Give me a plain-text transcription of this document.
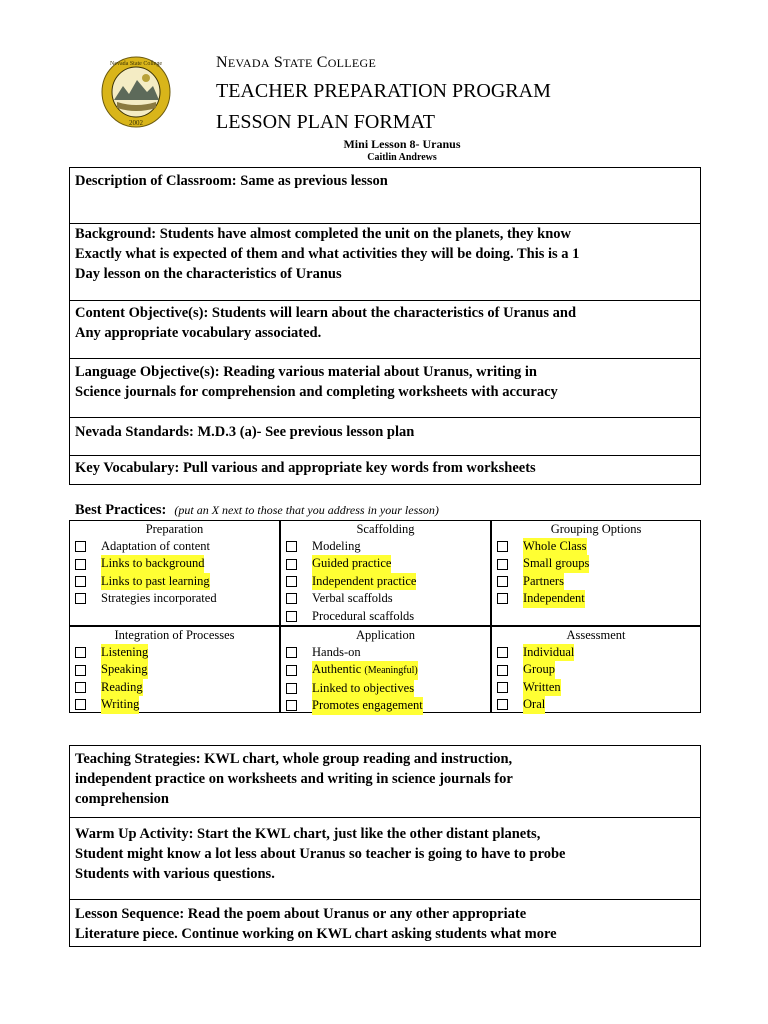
Nevada State College
2002
NEVADA STATE COLLEGE
TEACHER PREPARATION PROGRAM
LESSON PLAN FORMAT
Mini Lesson 8- Uranus
Caitlin Andrews
Description of Classroom: Same as previous lesson
Background: Students have almost completed the unit on the planets, they know
Exactly what is expected of them and what activities they will be doing. This is a 1
Day lesson on the characteristics of Uranus
Content Objective(s): Students will learn about the characteristics of Uranus and
Any appropriate vocabulary associated.
Language Objective(s): Reading various material about Uranus, writing in
Science journals for comprehension and completing worksheets with accuracy
Nevada Standards: M.D.3 (a)- See previous lesson plan
Key Vocabulary: Pull various and appropriate key words from worksheets
Best Practices: (put an X next to those that you address in your lesson)
Preparation
Adaptation of content
Links to background
Links to past learning
Strategies incorporated
Scaffolding
Modeling
Guided practice
Independent practice
Verbal scaffolds
Procedural scaffolds
Grouping Options
Whole Class
Small groups
Partners
Independent
Integration of Processes
Listening
Speaking
Reading
Writing
Application
Hands-on
Authentic (Meaningful)
Linked to objectives
Promotes engagement
Assessment
Individual
Group
Written
Oral
Teaching Strategies: KWL chart, whole group reading and instruction,
independent practice on worksheets and writing in science journals for
comprehension
Warm Up Activity: Start the KWL chart, just like the other distant planets,
Student might know a lot less about Uranus so teacher is going to have to probe
Students with various questions.
Lesson Sequence: Read the poem about Uranus or any other appropriate
Literature piece. Continue working on KWL chart asking students what more
